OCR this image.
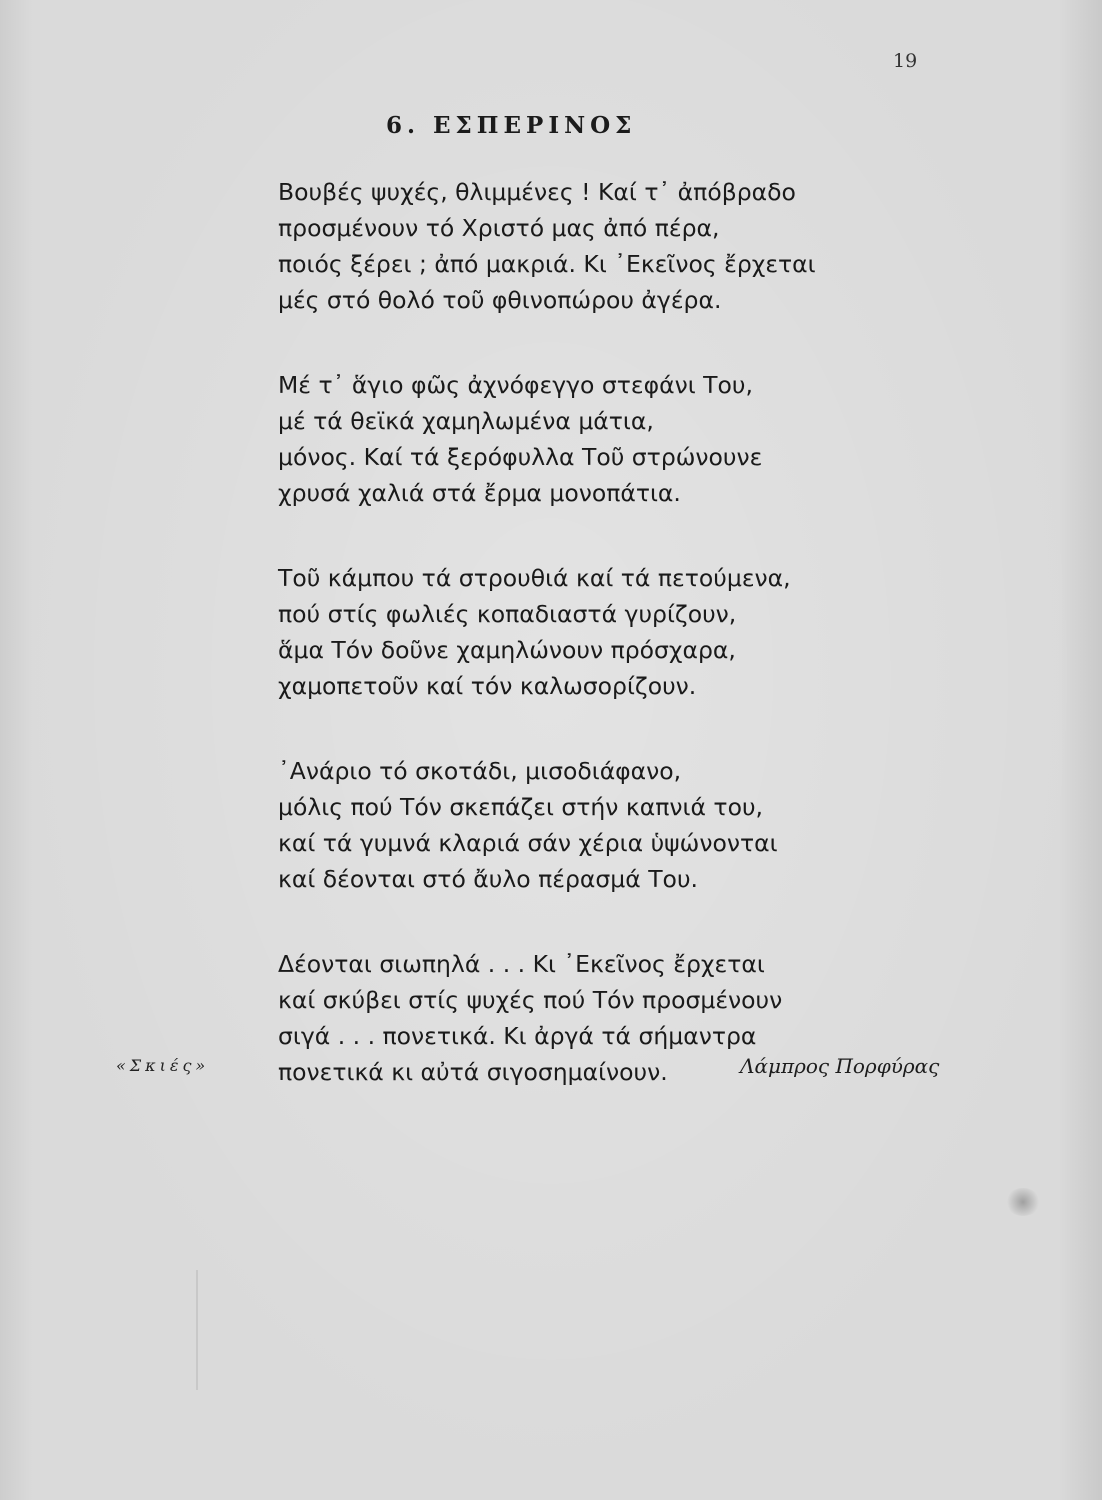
19
6. ΕΣΠΕΡΙΝΟΣ
Βουβές ψυχές, θλιμμένες ! Καί τ᾽ ἀπόβραδο
προσμένουν τό Χριστό μας ἀπό πέρα,
ποιός ξέρει ; ἀπό μακριά. Κι ᾽Εκεῖνος ἔρχεται
μές στό θολό τοῦ φθινοπώρου ἀγέρα.
Μέ τ᾽ ἅγιο φῶς ἀχνόφεγγο στεφάνι Του,
μέ τά θεϊκά χαμηλωμένα μάτια,
μόνος. Καί τά ξερόφυλλα Τοῦ στρώνουνε
χρυσά χαλιά στά ἔρμα μονοπάτια.
Τοῦ κάμπου τά στρουθιά καί τά πετούμενα,
πού στίς φωλιές κοπαδιαστά γυρίζουν,
ἅμα Τόν δοῦνε χαμηλώνουν πρόσχαρα,
χαμοπετοῦν καί τόν καλωσορίζουν.
᾽Ανάριο τό σκοτάδι, μισοδιάφανο,
μόλις πού Τόν σκεπάζει στήν καπνιά του,
καί τά γυμνά κλαριά σάν χέρια ὑψώνονται
καί δέονται στό ἄυλο πέρασμά Του.
Δέονται σιωπηλά . . . Κι ᾽Εκεῖνος ἔρχεται
καί σκύβει στίς ψυχές πού Τόν προσμένουν
σιγά . . . πονετικά. Κι ἀργά τά σήμαντρα
πονετικά κι αὐτά σιγοσημαίνουν.
«Σκιές»	Λάμπρος Πορφύρας
